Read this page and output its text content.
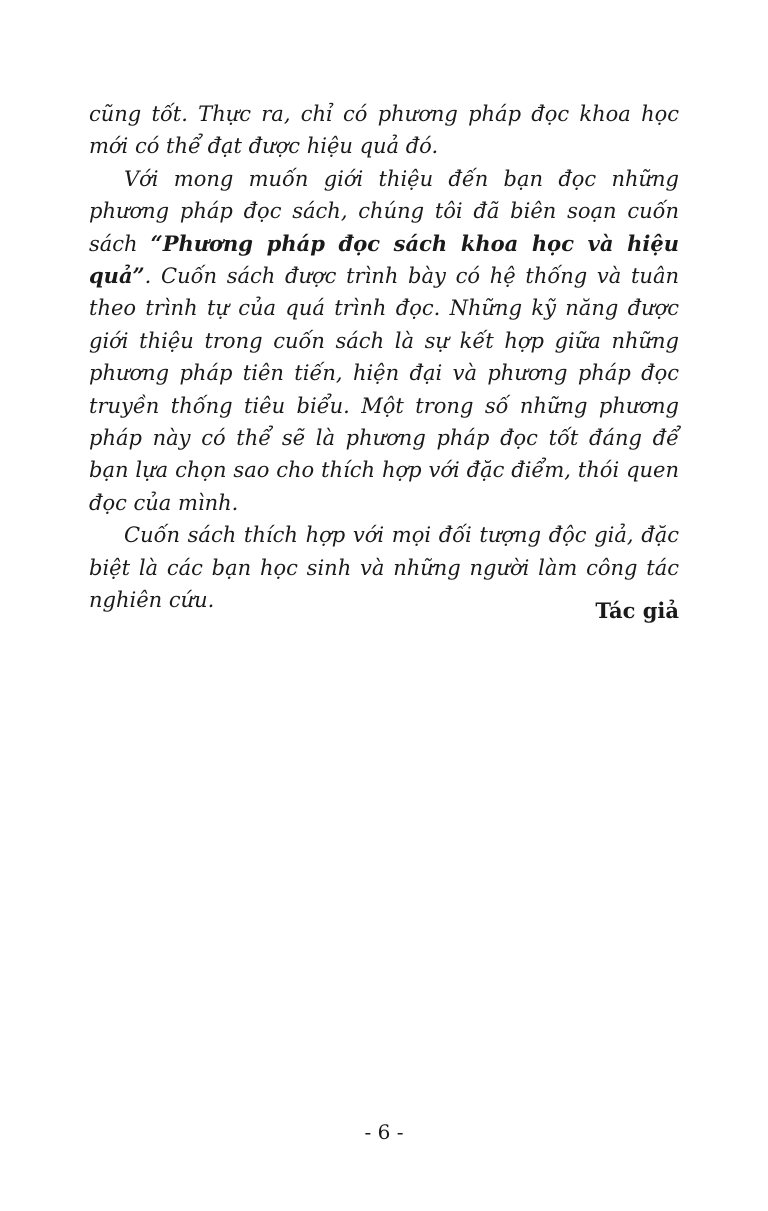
cũng tốt. Thực ra, chỉ có phương pháp đọc khoa học mới có thể đạt được hiệu quả đó.

Với mong muốn giới thiệu đến bạn đọc những phương pháp đọc sách, chúng tôi đã biên soạn cuốn sách “Phương pháp đọc sách khoa học và hiệu quả”. Cuốn sách được trình bày có hệ thống và tuân theo trình tự của quá trình đọc. Những kỹ năng được giới thiệu trong cuốn sách là sự kết hợp giữa những phương pháp tiên tiến, hiện đại và phương pháp đọc truyền thống tiêu biểu. Một trong số những phương pháp này có thể sẽ là phương pháp đọc tốt đáng để bạn lựa chọn sao cho thích hợp với đặc điểm, thói quen đọc của mình.

Cuốn sách thích hợp với mọi đối tượng độc giả, đặc biệt là các bạn học sinh và những người làm công tác nghiên cứu.	Tác giả
- 6 -
